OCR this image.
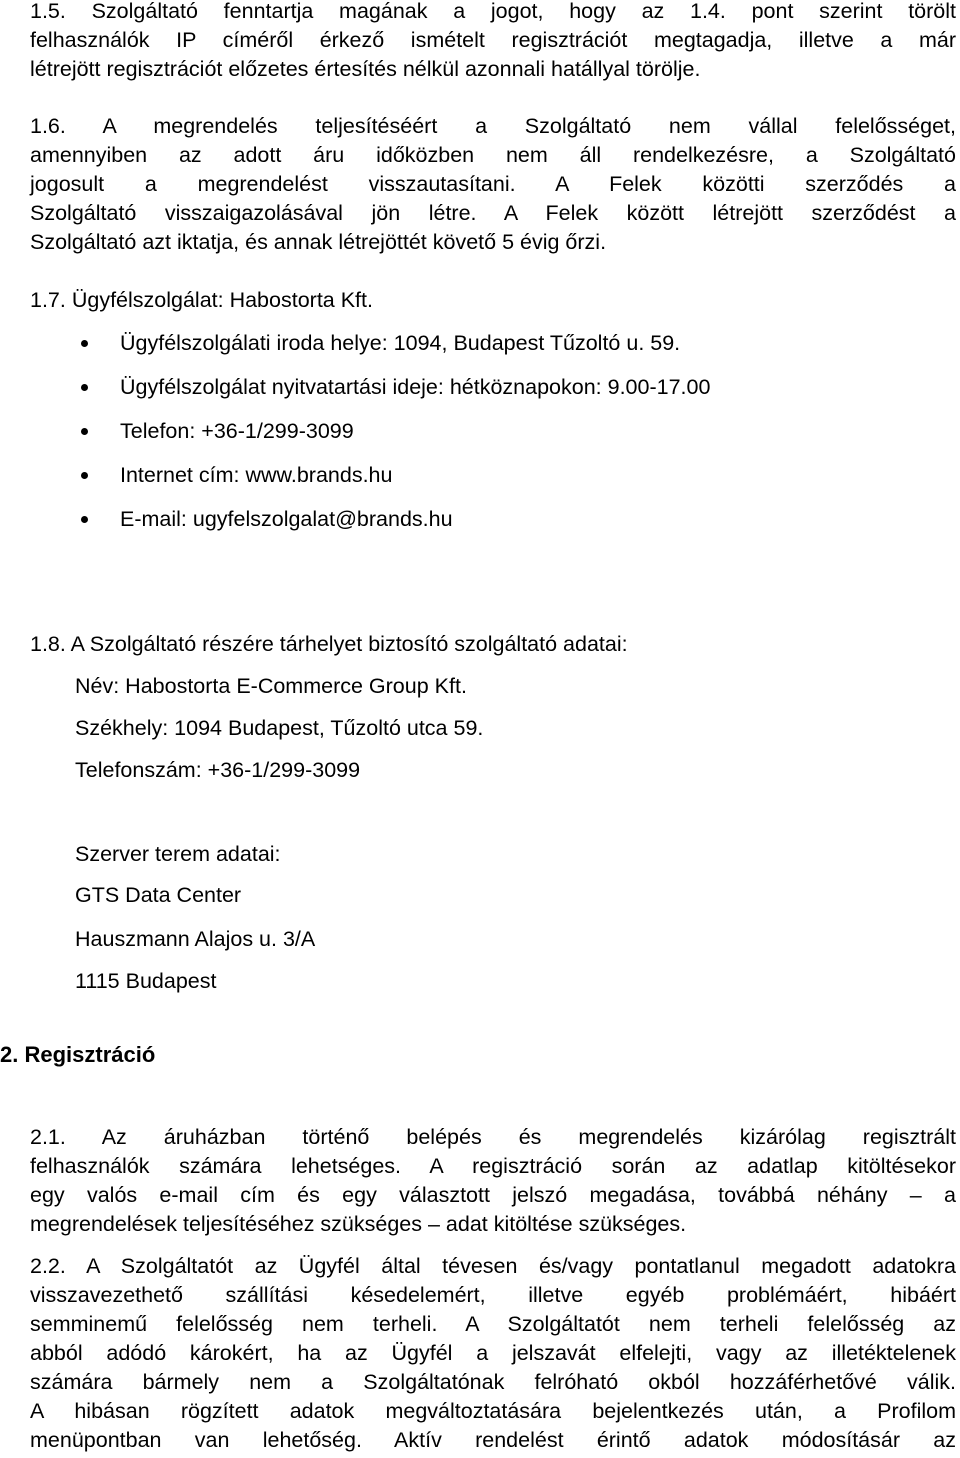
1.5. Szolgáltató fenntartja magának a jogot, hogy az 1.4. pont szerint törölt
felhasználók IP címéről érkező ismételt regisztrációt megtagadja, illetve a már
létrejött regisztrációt előzetes értesítés nélkül azonnali hatállyal törölje.

1.6. A megrendelés teljesítéséért a Szolgáltató nem vállal felelősséget,
amennyiben az adott áru időközben nem áll rendelkezésre, a Szolgáltató
jogosult a megrendelést visszautasítani. A Felek közötti szerződés a
Szolgáltató visszaigazolásával jön létre. A Felek között létrejött szerződést a
Szolgáltató azt iktatja, és annak létrejöttét követő 5 évig őrzi.

1.7. Ügyfélszolgálat: Habostorta Kft.

Ügyfélszolgálati iroda helye: 1094, Budapest Tűzoltó u. 59.
Ügyfélszolgálat nyitvatartási ideje: hétköznapokon: 9.00-17.00
Telefon: +36-1/299-3099
Internet cím: www.brands.hu
E-mail: ugyfelszolgalat@brands.hu

1.8. A Szolgáltató részére tárhelyet biztosító szolgáltató adatai:

Név: Habostorta E-Commerce Group Kft.

Székhely: 1094 Budapest, Tűzoltó utca 59.

Telefonszám: +36-1/299-3099

Szerver terem adatai:

GTS Data Center

Hauszmann Alajos u. 3/A

1115 Budapest

2. Regisztráció

2.1. Az áruházban történő belépés és megrendelés kizárólag regisztrált
felhasználók számára lehetséges. A regisztráció során az adatlap kitöltésekor
egy valós e-mail cím és egy választott jelszó megadása, továbbá néhány – a
megrendelések teljesítéséhez szükséges – adat kitöltése szükséges.

2.2. A Szolgáltatót az Ügyfél által tévesen és/vagy pontatlanul megadott adatokra
visszavezethető szállítási késedelemért, illetve egyéb problémáért, hibáért
semminemű felelősség nem terheli. A Szolgáltatót nem terheli felelősség az
abból adódó károkért, ha az Ügyfél a jelszavát elfelejti, vagy az illetéktelenek
számára bármely nem a Szolgáltatónak felróható okból hozzáférhetővé válik.
A hibásan rögzített adatok megváltoztatására bejelentkezés után, a Profilom
menüpontban van lehetőség. Aktív rendelést érintő adatok módosításár az
